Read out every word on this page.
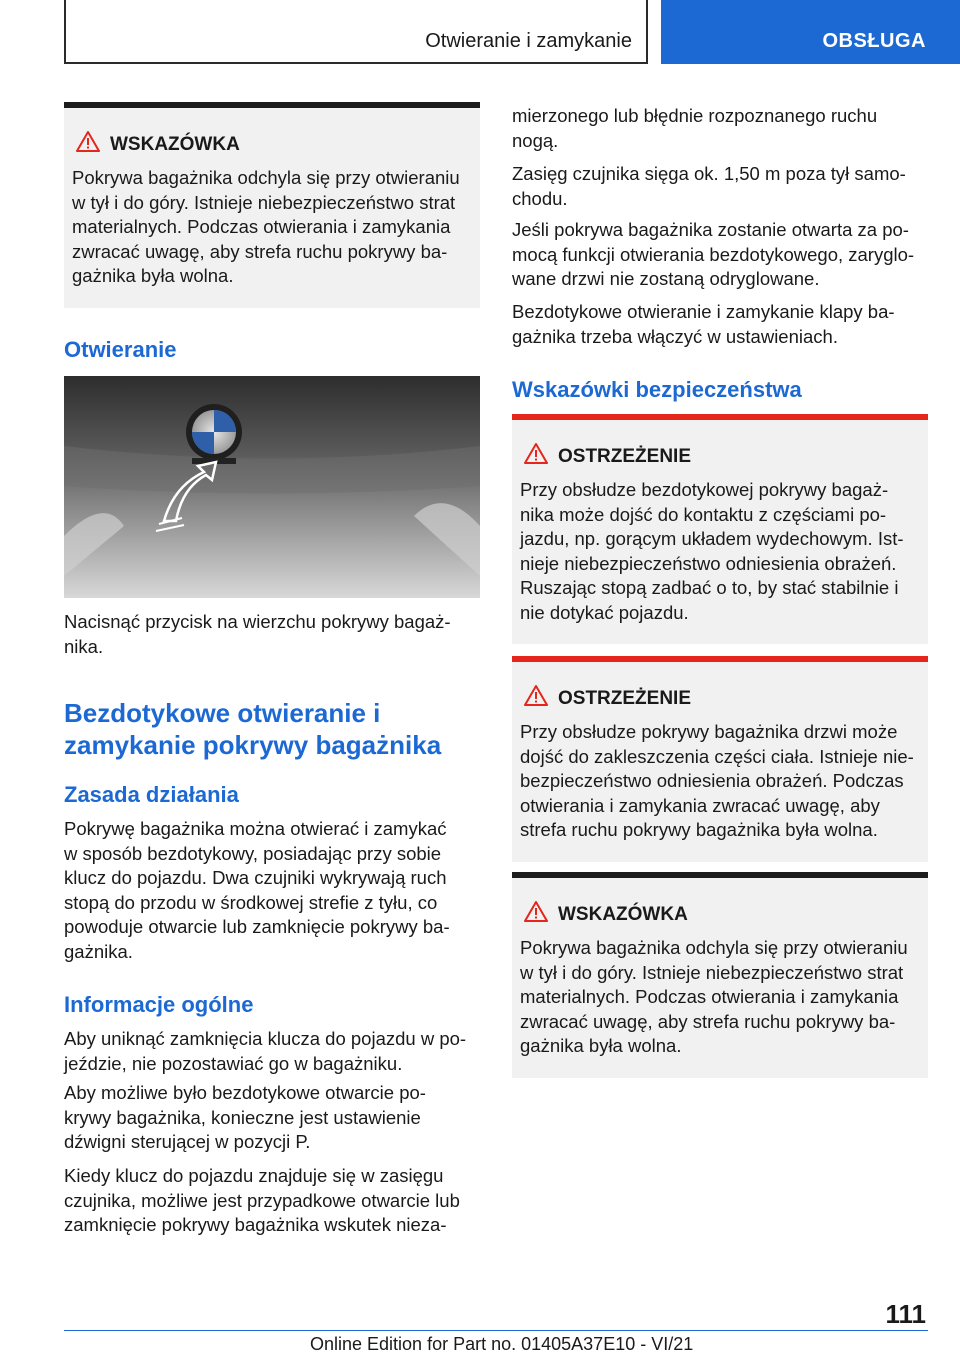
Otwieranie i zamykanie	OBSŁUGA
WSKAZÓWKA

Pokrywa bagażnika odchyla się przy otwieraniu
w tył i do góry. Istnieje niebezpieczeństwo strat
materialnych. Podczas otwierania i zamykania
zwracać uwagę, aby strefa ruchu pokrywy ba-
gażnika była wolna.

Otwieranie

Nacisnąć przycisk na wierzchu pokrywy bagaż-
nika.

Bezdotykowe otwieranie i
zamykanie pokrywy bagażnika
Zasada działania

Pokrywę bagażnika można otwierać i zamykać
w sposób bezdotykowy, posiadając przy sobie
klucz do pojazdu. Dwa czujniki wykrywają ruch
stopą do przodu w środkowej strefie z tyłu, co
powoduje otwarcie lub zamknięcie pokrywy ba-
gażnika.

Informacje ogólne

Aby uniknąć zamknięcia klucza do pojazdu w po-
jeździe, nie pozostawiać go w bagażniku.

Aby możliwe było bezdotykowe otwarcie po-
krywy bagażnika, konieczne jest ustawienie
dźwigni sterującej w pozycji P.

Kiedy klucz do pojazdu znajduje się w zasięgu
czujnika, możliwe jest przypadkowe otwarcie lub
zamknięcie pokrywy bagażnika wskutek nieza-

mierzonego lub błędnie rozpoznanego ruchu
nogą.

Zasięg czujnika sięga ok. 1,50 m poza tył samo-
chodu.

Jeśli pokrywa bagażnika zostanie otwarta za po-
mocą funkcji otwierania bezdotykowego, zaryglo-
wane drzwi nie zostaną odryglowane.

Bezdotykowe otwieranie i zamykanie klapy ba-
gażnika trzeba włączyć w ustawieniach.

Wskazówki bezpieczeństwa
OSTRZEŻENIE

Przy obsłudze bezdotykowej pokrywy bagaż-
nika może dojść do kontaktu z częściami po-
jazdu, np. gorącym układem wydechowym. Ist-
nieje niebezpieczeństwo odniesienia obrażeń.
Ruszając stopą zadbać o to, by stać stabilnie i
nie dotykać pojazdu.

OSTRZEŻENIE

Przy obsłudze pokrywy bagażnika drzwi może
dojść do zakleszczenia części ciała. Istnieje nie-
bezpieczeństwo odniesienia obrażeń. Podczas
otwierania i zamykania zwracać uwagę, aby
strefa ruchu pokrywy bagażnika była wolna.

WSKAZÓWKA

Pokrywa bagażnika odchyla się przy otwieraniu
w tył i do góry. Istnieje niebezpieczeństwo strat
materialnych. Podczas otwierania i zamykania
zwracać uwagę, aby strefa ruchu pokrywy ba-
gażnika była wolna.

111
Online Edition for Part no. 01405A37E10 - VI/21
